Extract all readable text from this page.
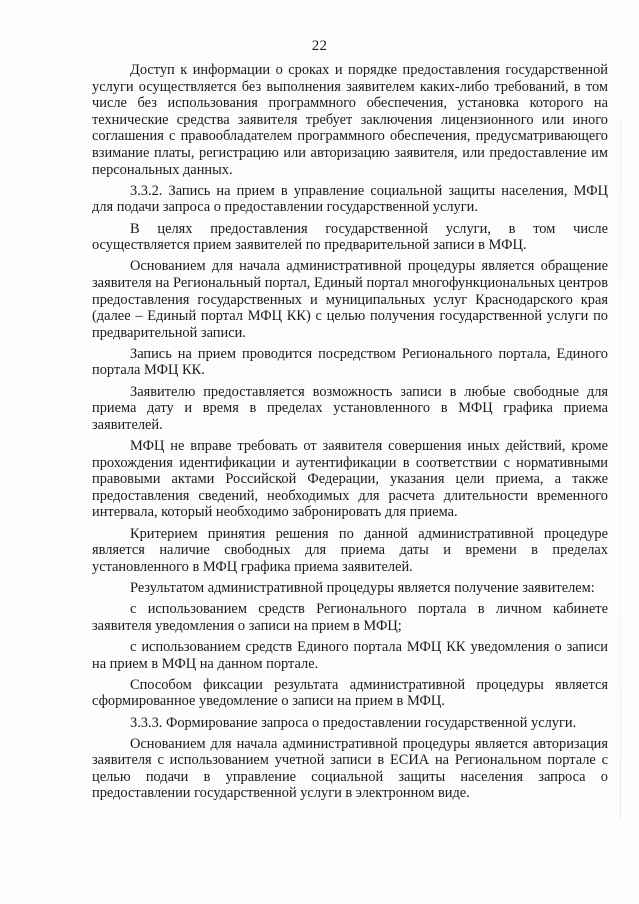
22

Доступ к информации о сроках и порядке предоставления государственной услуги осуществляется без выполнения заявителем каких-либо требований, в том числе без использования программного обеспечения, установка которого на технические средства заявителя требует заключения лицензионного или иного соглашения с правообладателем программного обеспечения, предусматривающего взимание платы, регистрацию или авторизацию заявителя, или предоставление им персональных данных.

3.3.2. Запись на прием в управление социальной защиты населения, МФЦ для подачи запроса о предоставлении государственной услуги.

В целях предоставления государственной услуги, в том числе осуществляется прием заявителей по предварительной записи в МФЦ.

Основанием для начала административной процедуры является обращение заявителя на Региональный портал, Единый портал многофункциональных центров предоставления государственных и муниципальных услуг Краснодарского края (далее – Единый портал МФЦ КК) с целью получения государственной услуги по предварительной записи.

Запись на прием проводится посредством Регионального портала, Единого портала МФЦ КК.

Заявителю предоставляется возможность записи в любые свободные для приема дату и время в пределах установленного в МФЦ графика приема заявителей.

МФЦ не вправе требовать от заявителя совершения иных действий, кроме прохождения идентификации и аутентификации в соответствии с нормативными правовыми актами Российской Федерации, указания цели приема, а также предоставления сведений, необходимых для расчета длительности временного интервала, который необходимо забронировать для приема.

Критерием принятия решения по данной административной процедуре является наличие свободных для приема даты и времени в пределах установленного в МФЦ графика приема заявителей.

Результатом административной процедуры является получение заявителем:

с использованием средств Регионального портала в личном кабинете заявителя уведомления о записи на прием в МФЦ;

с использованием средств Единого портала МФЦ КК уведомления о записи на прием в МФЦ на данном портале.

Способом фиксации результата административной процедуры является сформированное уведомление о записи на прием в МФЦ.

3.3.3. Формирование запроса о предоставлении государственной услуги.

Основанием для начала административной процедуры является авторизация заявителя с использованием учетной записи в ЕСИА на Региональном портале с целью подачи в управление социальной защиты населения запроса о предоставлении государственной услуги в электронном виде.
